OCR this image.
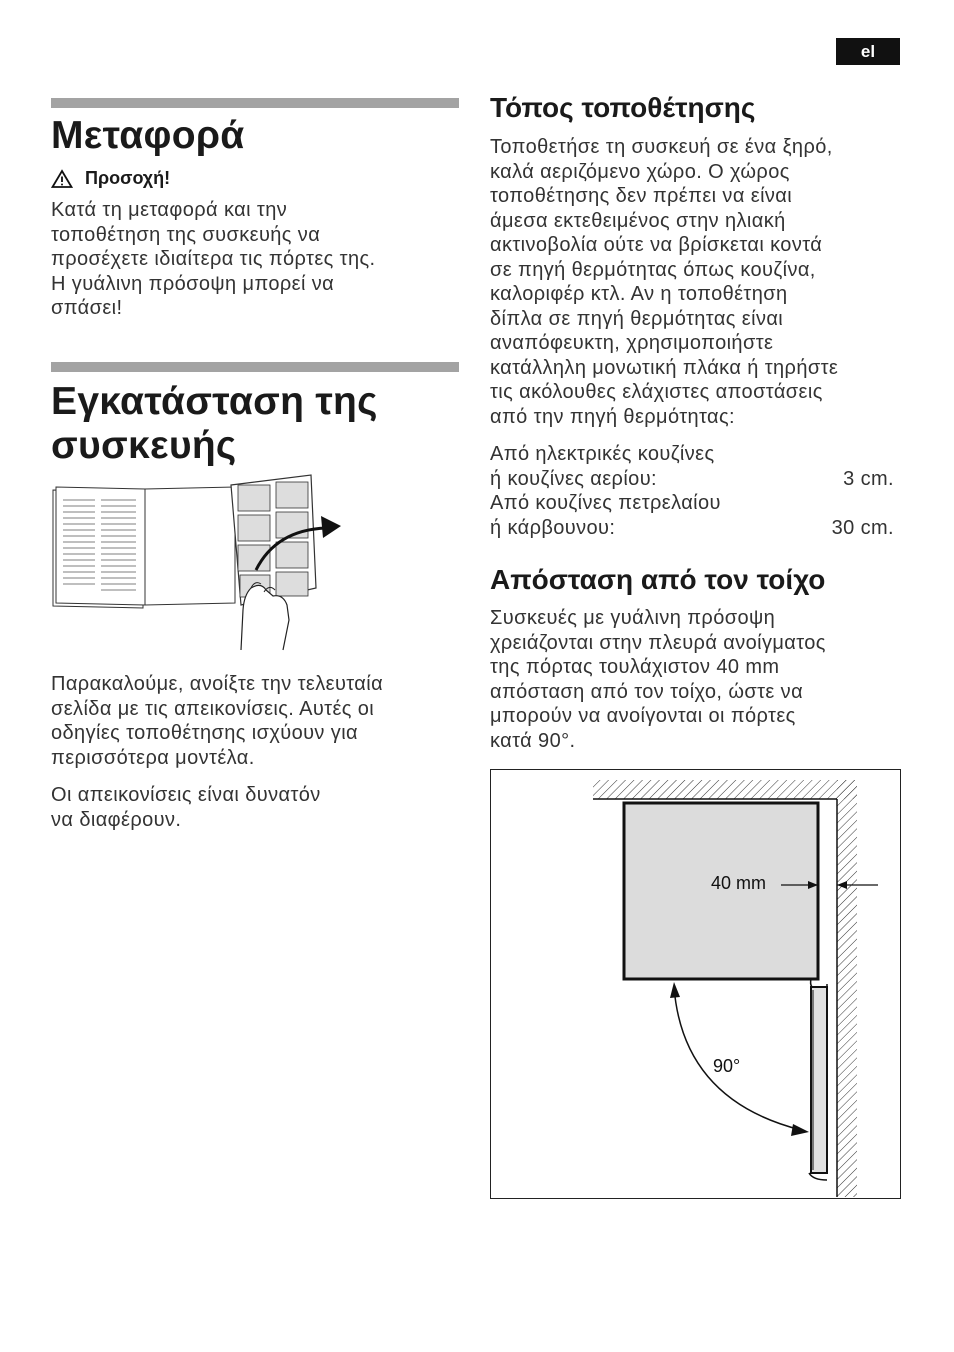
el
Μεταφορά
Προσοχή!

Κατά τη μεταφορά και την

τοποθέτηση της συσκευής να

προσέχετε ιδιαίτερα τις πόρτες της.

Η γυάλινη πρόσοψη μπορεί να

σπάσει!

Εγκατάσταση της
συσκευής

Παρακαλούμε, ανοίξτε την τελευταία

σελίδα με τις απεικονίσεις. Αυτές οι

οδηγίες τοποθέτησης ισχύουν για

περισσότερα μοντέλα.

Οι απεικονίσεις είναι δυνατόν

να διαφέρουν.

Τόπος τοποθέτησης

Τοποθετήσε τη συσκευή σε ένα ξηρό,

καλά αεριζόμενο χώρο. Ο χώρος

τοποθέτησης δεν πρέπει να είναι

άμεσα εκτεθειμένος στην ηλιακή

ακτινοβολία ούτε να βρίσκεται κοντά

σε πηγή θερμότητας όπως κουζίνα,

καλοριφέρ κτλ. Αν η τοποθέτηση

δίπλα σε πηγή θερμότητας είναι

αναπόφευκτη, χρησιμοποιήστε

κατάλληλη μονωτική πλάκα ή τηρήστε

τις ακόλουθες ελάχιστες αποστάσεις

από την πηγή θερμότητας:

Από ηλεκτρικές κουζίνες

ή κουζίνες αερίου:	3 cm.

Από κουζίνες πετρελαίου

ή κάρβουνου:	30 cm.
Απόσταση από τον τοίχο

Συσκευές με γυάλινη πρόσοψη

χρειάζονται στην πλευρά ανοίγματος

της πόρτας τουλάχιστον 40 mm

απόσταση από τον τοίχο, ώστε να

μπορούν να ανοίγονται οι πόρτες

κατά 90°.

40 mm
90°
